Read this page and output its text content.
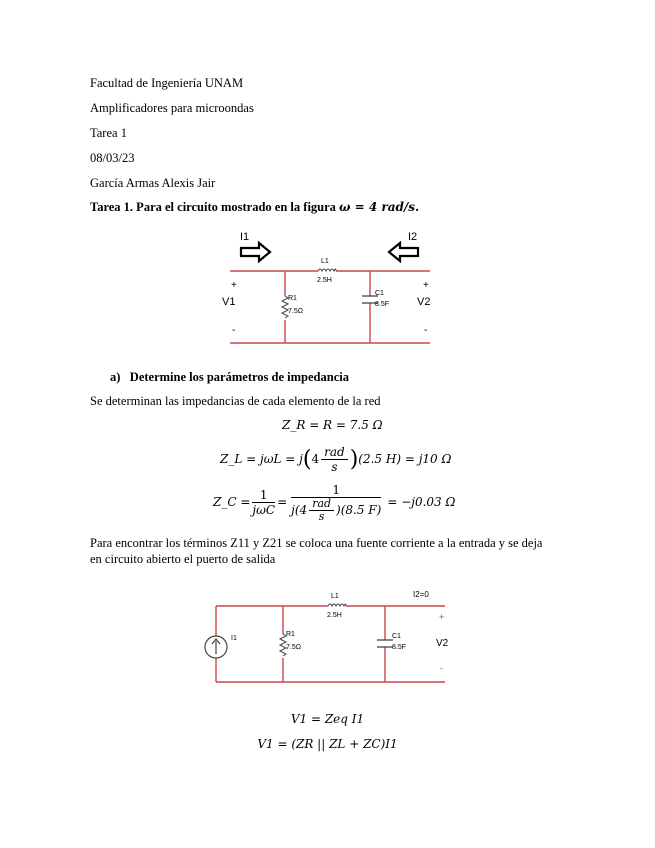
Facultad de Ingeniería UNAM
Amplificadores para microondas
Tarea 1
08/03/23
García Armas Alexis Jair
Tarea 1. Para el circuito mostrado en la figura ω = 4 rad/s.
I1	I2
L1
2.5H
R1
7.5Ω
C1
8.5F
+
V1
-
+
V2
-
a) Determine los parámetros de impedancia
Se determinan las impedancias de cada elemento de la red
Z_R = R = 7.5 Ω
Z_L = jωL = j ( $4 \frac{\text{rad}}{s}$ ) (2.5 H) = j10 Ω
Z_C = $\frac{1}{\text{jωC}} = \frac{1}{j(4 \frac{\text{rad}}{s} )(8.5 F)} = -j0.03$ Ω
Para encontrar los términos Z11 y Z21 se coloca una fuente corriente a la entrada y se deja
en circuito abierto el puerto de salida
I1
I2=0
L1
2.5H
R1
7.5Ω
C1
8.5F
+
V2
-
V1 = Zeq I1
V1 = (ZR || ZL + ZC)I1
